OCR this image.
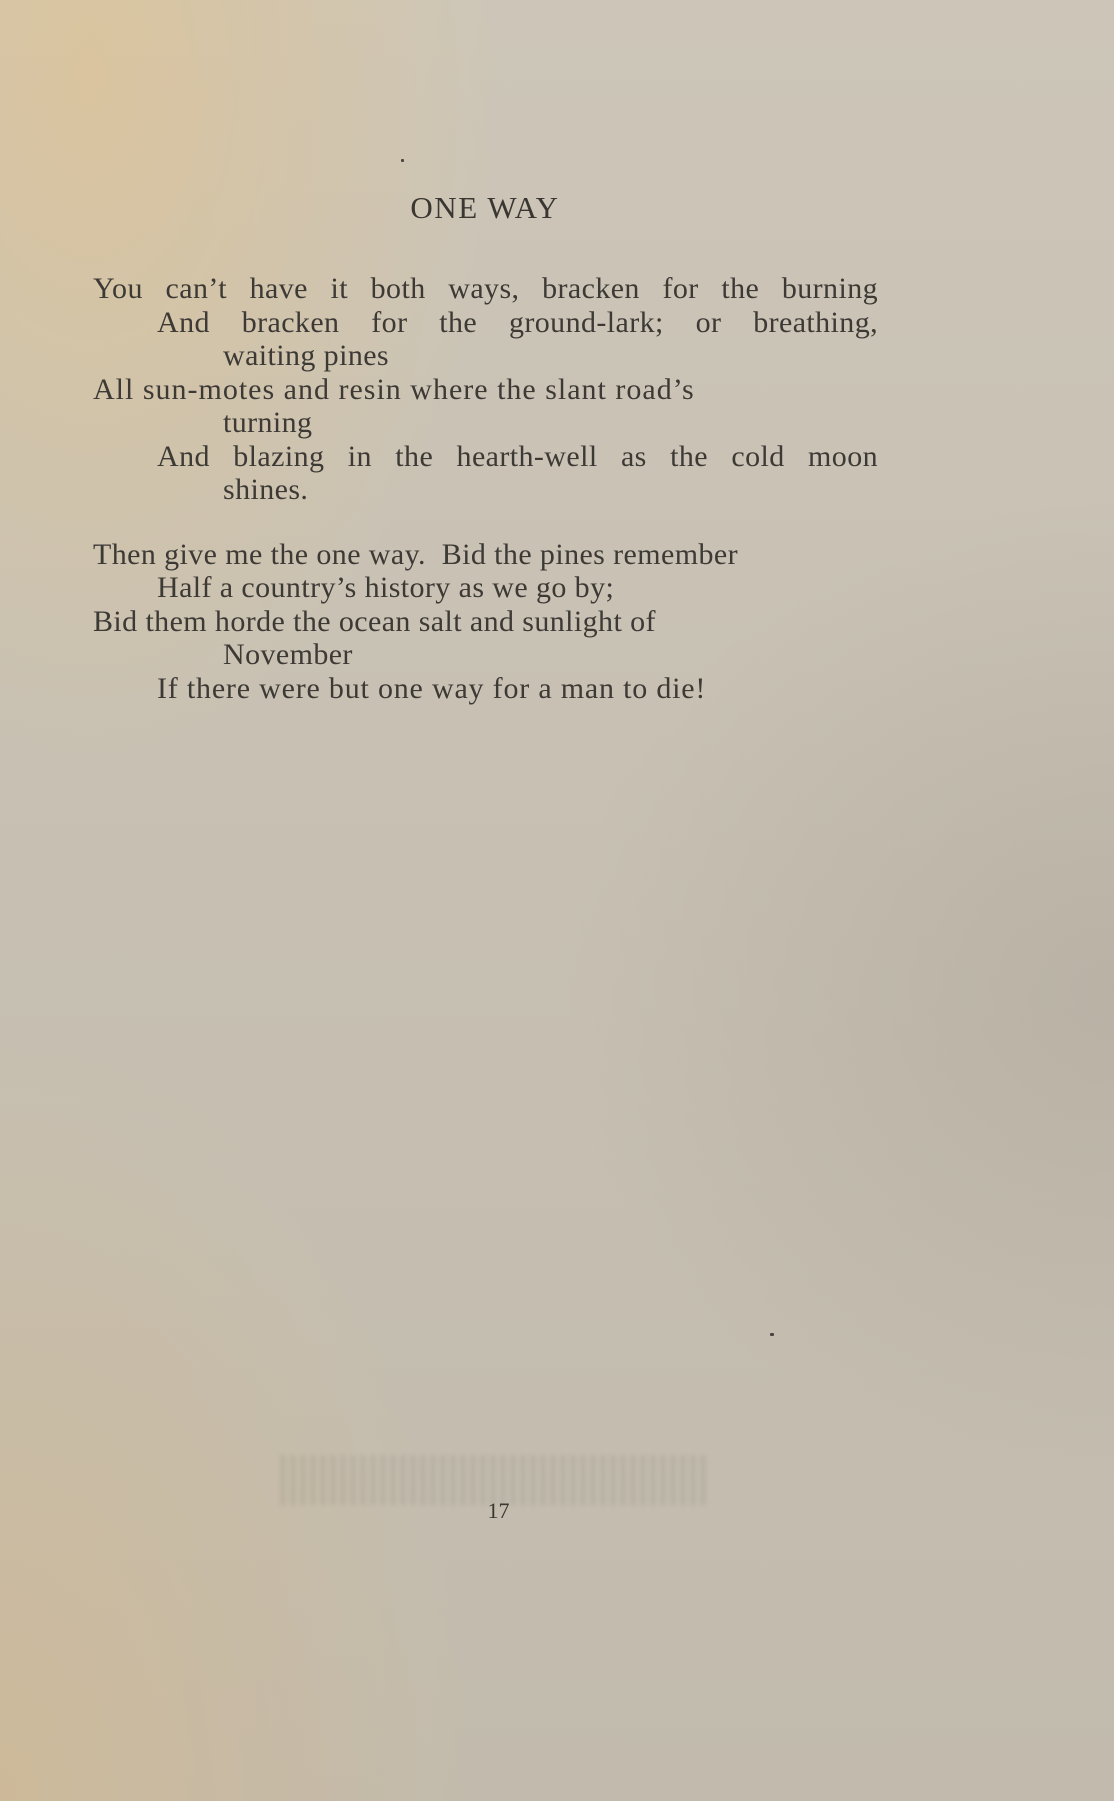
ONE WAY
You can’t have it both ways, bracken for the burning
And bracken for the ground-lark; or breathing,
waiting pines
All sun-motes and resin where the slant road’s
turning
And blazing in the hearth-well as the cold moon
shines.
Then give me the one way.  Bid the pines remember
Half a country’s history as we go by;
Bid them horde the ocean salt and sunlight of
November
If there were but one way for a man to die!
17
